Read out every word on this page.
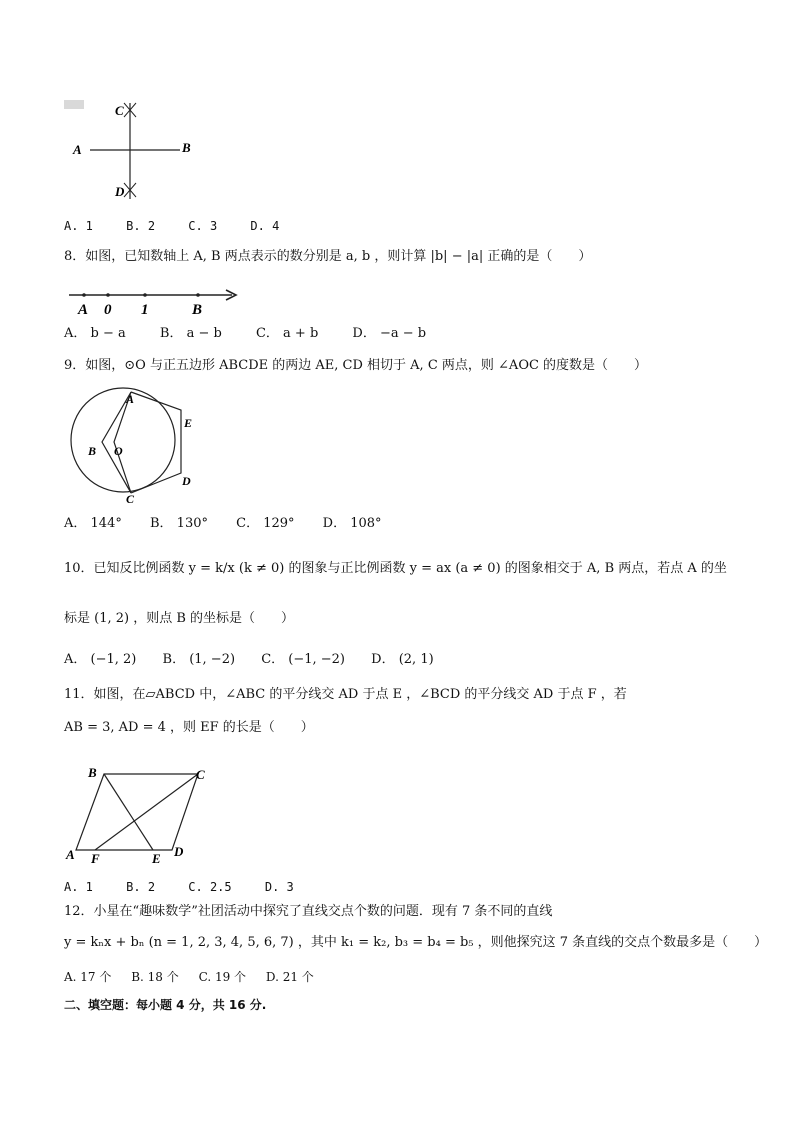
C
A	B
D
A. 1	B. 2	C. 3	D. 4
8．如图，已知数轴上 A, B 两点表示的数分别是 a, b ，则计算 |b| − |a| 正确的是（　　）
A 0 1	B
A． b − a	B． a − b	C． a + b	D． −a − b
9．如图，⊙O 与正五边形 ABCDE 的两边 AE, CD 相切于 A, C 两点，则 ∠AOC 的度数是（　　）
A
B O
C
E
D
A． 144° B． 130° C． 129° D． 108°
10．已知反比例函数 y = k/x (k ≠ 0) 的图象与正比例函数 y = ax (a ≠ 0) 的图象相交于 A, B 两点，若点 A 的坐
标是 (1, 2) ，则点 B 的坐标是（　　）
A． (−1, 2) B． (1, −2) C． (−1, −2) D． (2, 1)
11．如图，在▱ABCD 中，∠ABC 的平分线交 AD 于点 E ，∠BCD 的平分线交 AD 于点 F ，若
AB = 3, AD = 4 ，则 EF 的长是（　　）
B	C
A F	E D
A. 1	B. 2	C. 2.5	D. 3
12．小星在“趣味数学”社团活动中探究了直线交点个数的问题．现有 7 条不同的直线
y = kₙx + bₙ (n = 1, 2, 3, 4, 5, 6, 7) ，其中 k₁ = k₂, b₃ = b₄ = b₅ ，则他探究这 7 条直线的交点个数最多是（　　）
A. 17 个 B. 18 个 C. 19 个 D. 21 个
二、填空题：每小题 4 分，共 16 分.
